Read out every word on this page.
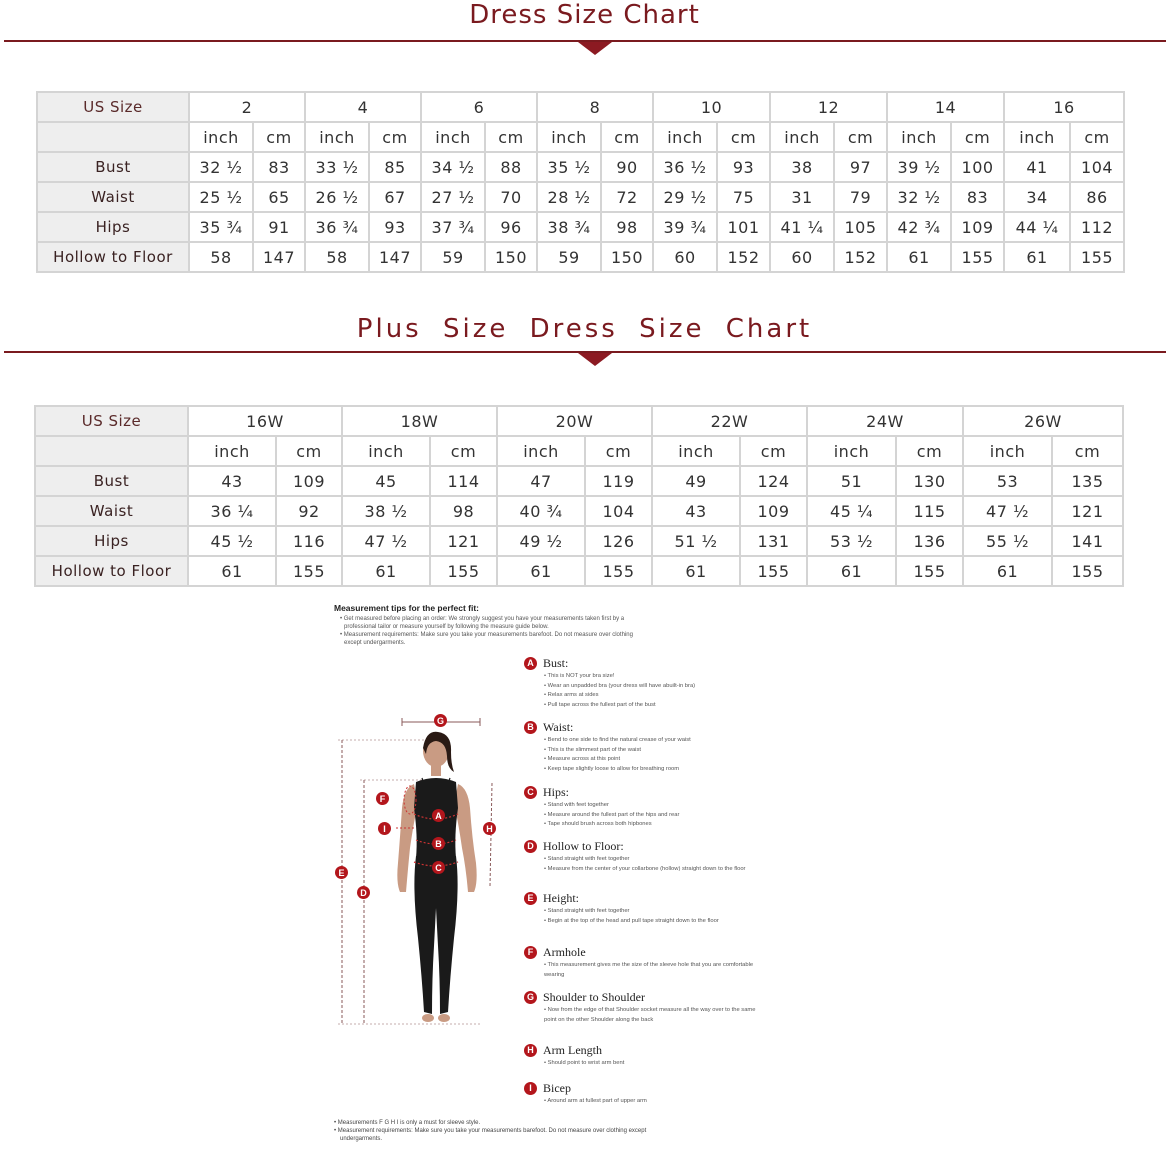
Dress Size Chart
US Size	2		4		6		8		10		12		14		16	
	inch	cm	inch	cm	inch	cm	inch	cm	inch	cm	inch	cm	inch	cm	inch	cm
Bust	32 ½	83	33 ½	85	34 ½	88	35 ½	90	36 ½	93	38	97	39 ½	100	41	104
Waist	25 ½	65	26 ½	67	27 ½	70	28 ½	72	29 ½	75	31	79	32 ½	83	34	86
Hips	35 ¾	91	36 ¾	93	37 ¾	96	38 ¾	98	39 ¾	101	41 ¼	105	42 ¾	109	44 ¼	112
Hollow to Floor	58	147	58	147	59	150	59	150	60	152	60	152	61	155	61	155
Plus Size Dress Size Chart
US Size	16W		18W		20W		22W		24W		26W	
	inch	cm	inch	cm	inch	cm	inch	cm	inch	cm	inch	cm
Bust	43	109	45	114	47	119	49	124	51	130	53	135
Waist	36 ¼	92	38 ½	98	40 ¾	104	43	109	45 ¼	115	47 ½	121
Hips	45 ½	116	47 ½	121	49 ½	126	51 ½	131	53 ½	136	55 ½	141
Hollow to Floor	61	155	61	155	61	155	61	155	61	155	61	155

Measurement tips for the perfect fit:

• Get measured before placing an order: We strongly suggest you have your measurements taken first by a

professional tailor or measure yourself by following the measure guide below.

• Measurement requirements: Make sure you take your measurements barefoot. Do not measure over clothing

except undergarments.

G
F
A
I	H
B
C
E
D
A Bust:
• This is NOT your bra size!
• Wear an unpadded bra (your dress will have abuilt-in bra)
• Relax arms at sides
• Pull tape across the fullest part of the bust
B Waist:
• Bend to one side to find the natural crease of your waist
• This is the slimmest part of the waist
• Measure across at this point
• Keep tape slightly loose to allow for breathing room
C Hips:
• Stand with feet together
• Measure around the fullest part of the hips and rear
• Tape should brush across both hipbones
D Hollow to Floor:
• Stand straight with feet together
• Measure from the center of your collarbone (hollow) straight down to the floor
E Height:
• Stand straight with feet together
• Begin at the top of the head and pull tape straight down to the floor
F Armhole
• This measurement gives me the size of the sleeve hole that you are comfortable wearing
G Shoulder to Shoulder
• Now from the edge of that Shoulder socket measure all the way over to the same point on the other Shoulder along the back
H Arm Length
• Should point to wrist arm bent
I Bicep
• Around arm at fullest part of upper arm
• Measurements F G H I is only a must for sleeve style.
• Measurement requirements: Make sure you take your measurements barefoot. Do not measure over clothing except
undergarments.
